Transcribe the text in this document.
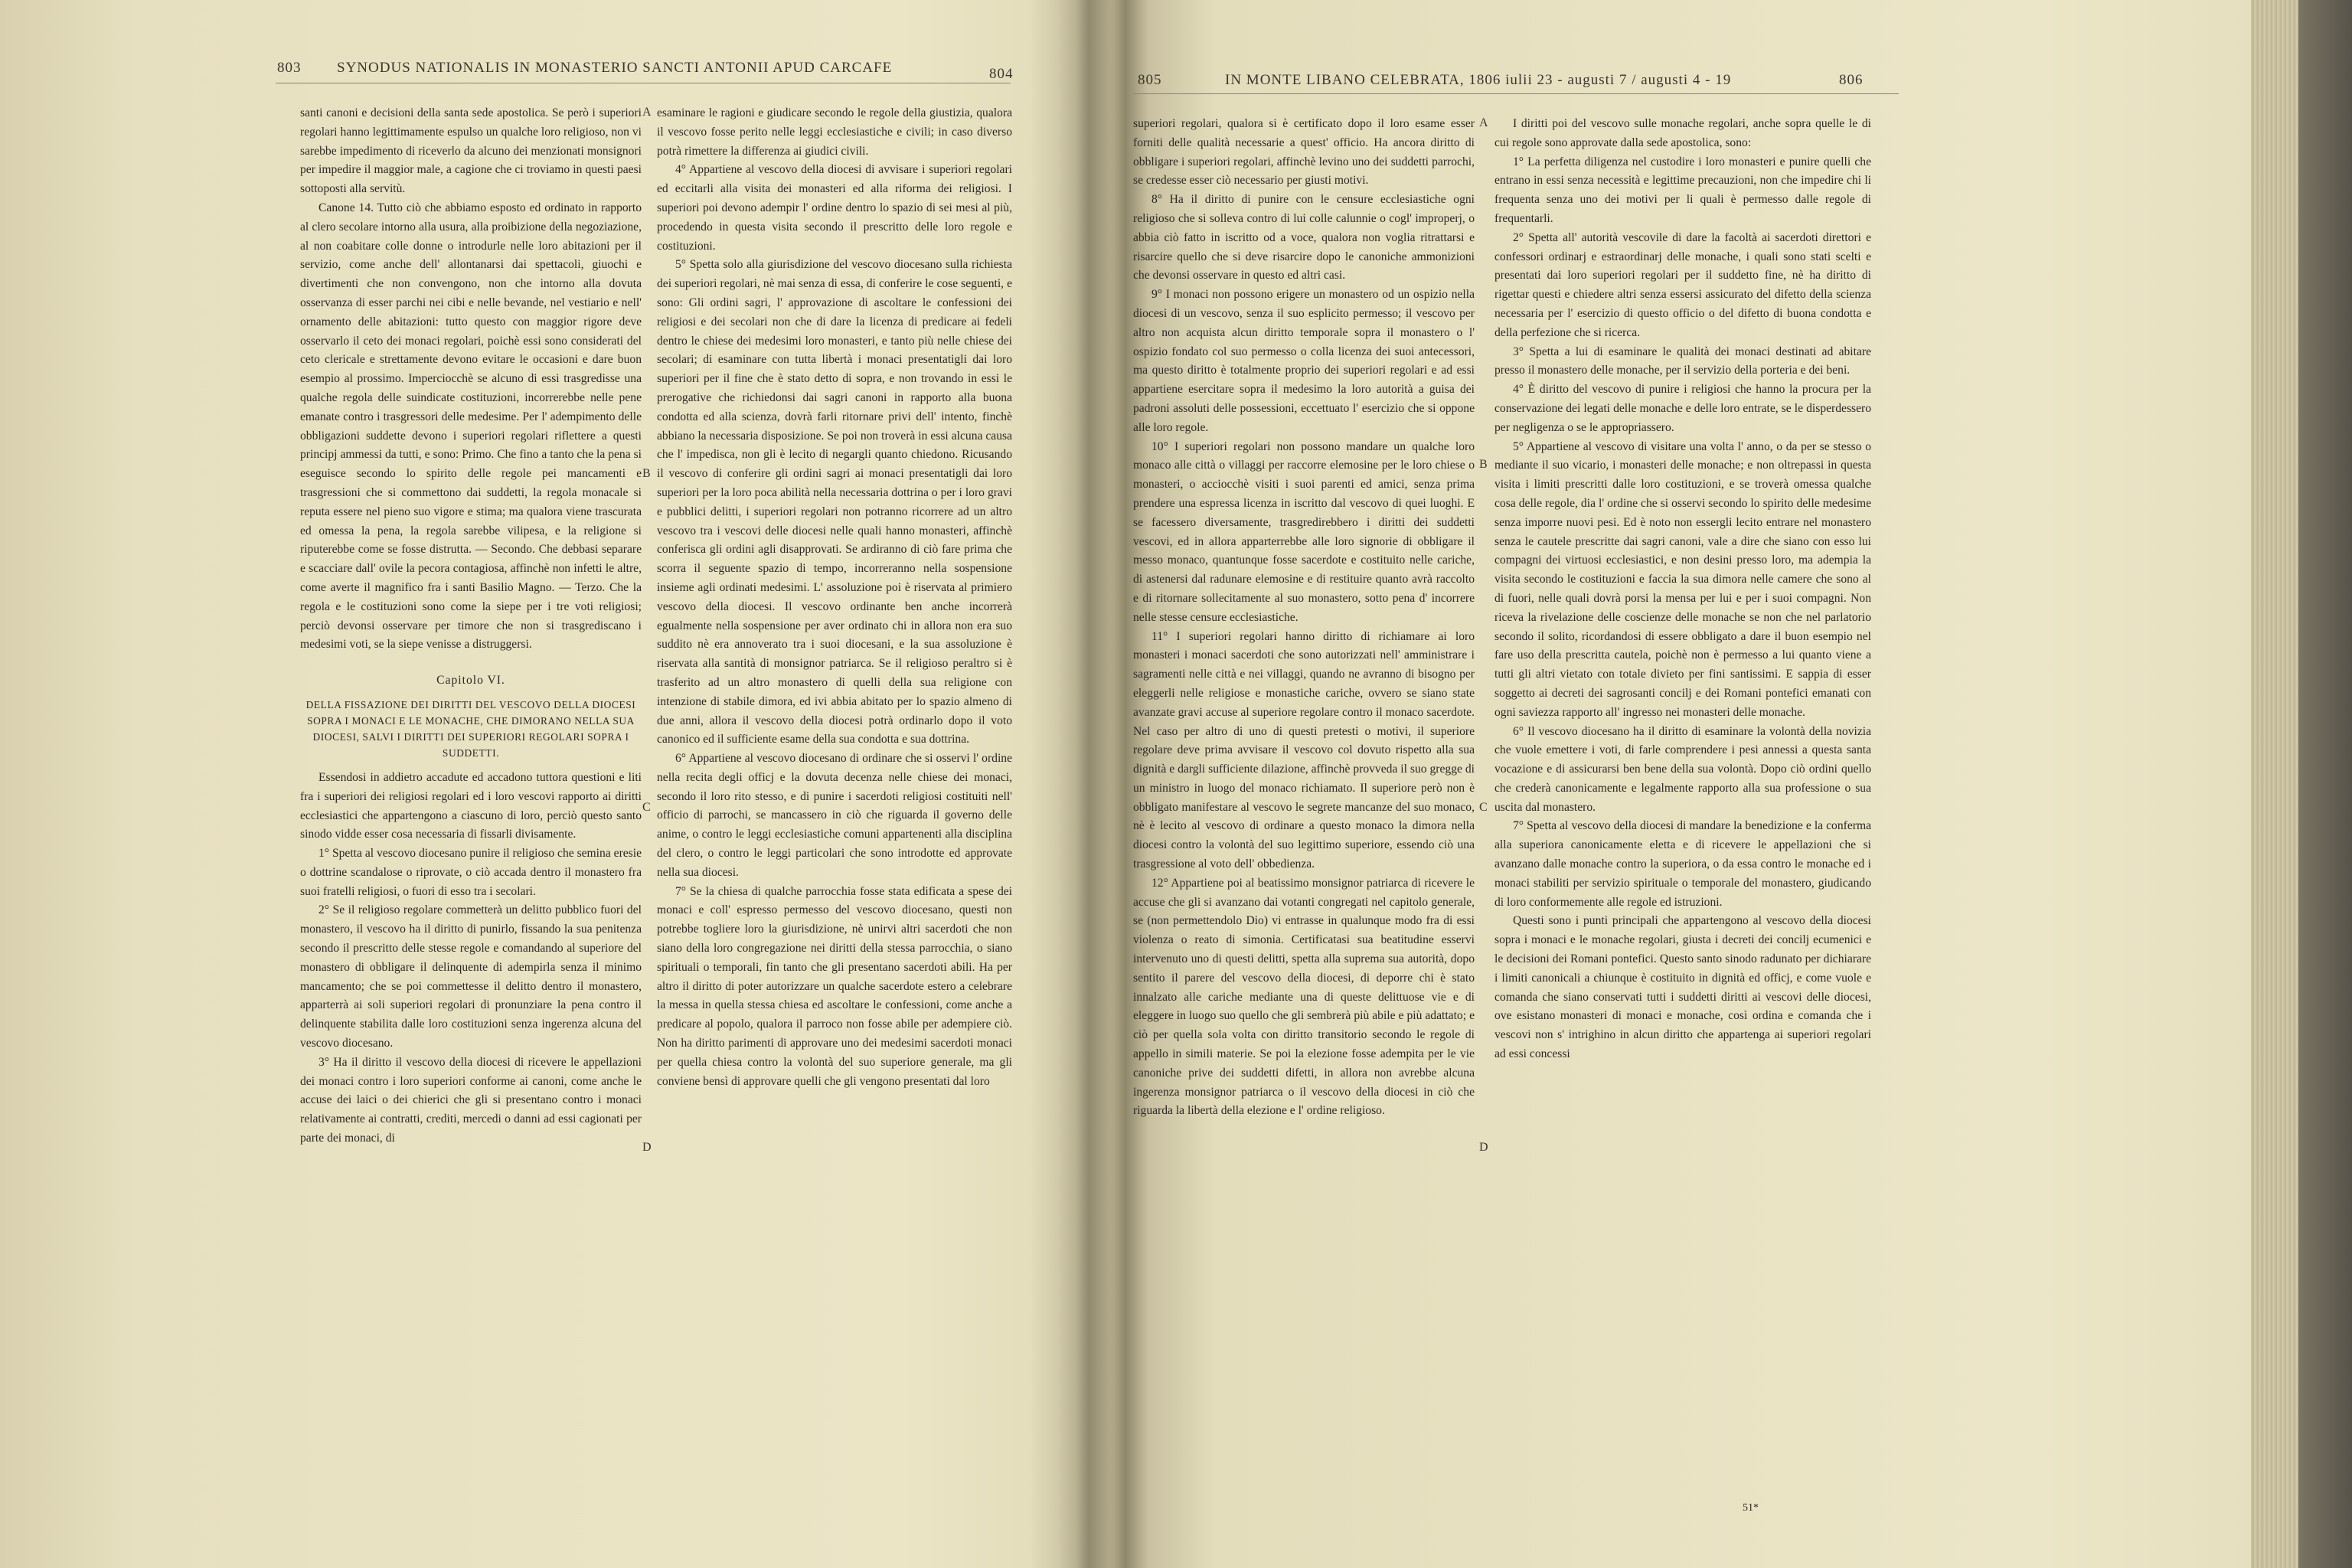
803 SYNODUS NATIONALIS IN MONASTERIO SANCTI ANTONII APUD CARCAFE	804

santi canoni e decisioni della santa sede apostolica. Se però i superiori regolari hanno legittimamente espulso un qualche loro religioso, non vi sarebbe impedimento di riceverlo da alcuno dei menzionati monsignori per impedire il maggior male, a cagione che ci troviamo in questi paesi sottoposti alla servitù.

Canone 14. Tutto ciò che abbiamo esposto ed ordinato in rapporto al clero secolare intorno alla usura, alla proibizione della negoziazione, al non coabitare colle donne o introdurle nelle loro abitazioni per il servizio, come anche dell' allontanarsi dai spettacoli, giuochi e divertimenti che non convengono, non che intorno alla dovuta osservanza di esser parchi nei cibi e nelle bevande, nel vestiario e nell' ornamento delle abitazioni: tutto questo con maggior rigore deve osservarlo il ceto dei monaci regolari, poichè essi sono considerati del ceto clericale e strettamente devono evitare le occasioni e dare buon esempio al prossimo. Imperciocchè se alcuno di essi trasgredisse una qualche regola delle suindicate costituzioni, incorrerebbe nelle pene emanate contro i trasgressori delle medesime. Per l' adempimento delle obbligazioni suddette devono i superiori regolari riflettere a questi principj ammessi da tutti, e sono: Primo. Che fino a tanto che la pena si eseguisce secondo lo spirito delle regole pei mancamenti e trasgressioni che si commettono dai suddetti, la regola monacale si reputa essere nel pieno suo vigore e stima; ma qualora viene trascurata ed omessa la pena, la regola sarebbe vilipesa, e la religione si riputerebbe come se fosse distrutta. — Secondo. Che debbasi separare e scacciare dall' ovile la pecora contagiosa, affinchè non infetti le altre, come averte il magnifico fra i santi Basilio Magno. — Terzo. Che la regola e le costituzioni sono come la siepe per i tre voti religiosi; perciò devonsi osservare per timore che non si trasgrediscano i medesimi voti, se la siepe venisse a distruggersi.

Capitolo VI.

DELLA FISSAZIONE DEI DIRITTI DEL VESCOVO DELLA DIOCESI SOPRA I MONACI E LE MONACHE, CHE DIMORANO NELLA SUA DIOCESI, SALVI I DIRITTI DEI SUPERIORI REGOLARI SOPRA I SUDDETTI.

Essendosi in addietro accadute ed accadono tuttora questioni e liti fra i superiori dei religiosi regolari ed i loro vescovi rapporto ai diritti ecclesiastici che appartengono a ciascuno di loro, perciò questo santo sinodo vidde esser cosa necessaria di fissarli divisamente.

1° Spetta al vescovo diocesano punire il religioso che semina eresie o dottrine scandalose o riprovate, o ciò accada dentro il monastero fra suoi fratelli religiosi, o fuori di esso tra i secolari.

2° Se il religioso regolare commetterà un delitto pubblico fuori del monastero, il vescovo ha il diritto di punirlo, fissando la sua penitenza secondo il prescritto delle stesse regole e comandando al superiore del monastero di obbligare il delinquente di adempirla senza il minimo mancamento; che se poi commettesse il delitto dentro il monastero, apparterrà ai soli superiori regolari di pronunziare la pena contro il delinquente stabilita dalle loro costituzioni senza ingerenza alcuna del vescovo diocesano.

3° Ha il diritto il vescovo della diocesi di ricevere le appellazioni dei monaci contro i loro superiori conforme ai canoni, come anche le accuse dei laici o dei chierici che gli si presentano contro i monaci relativamente ai contratti, crediti, mercedi o danni ad essi cagionati per parte dei monaci, di

A
B
C
D

esaminare le ragioni e giudicare secondo le regole della giustizia, qualora il vescovo fosse perito nelle leggi ecclesiastiche e civili; in caso diverso potrà rimettere la differenza ai giudici civili.

4° Appartiene al vescovo della diocesi di avvisare i superiori regolari ed eccitarli alla visita dei monasteri ed alla riforma dei religiosi. I superiori poi devono adempir l' ordine dentro lo spazio di sei mesi al più, procedendo in questa visita secondo il prescritto delle loro regole e costituzioni.

5° Spetta solo alla giurisdizione del vescovo diocesano sulla richiesta dei superiori regolari, nè mai senza di essa, di conferire le cose seguenti, e sono: Gli ordini sagri, l' approvazione di ascoltare le confessioni dei religiosi e dei secolari non che di dare la licenza di predicare ai fedeli dentro le chiese dei medesimi loro monasteri, e tanto più nelle chiese dei secolari; di esaminare con tutta libertà i monaci presentatigli dai loro superiori per il fine che è stato detto di sopra, e non trovando in essi le prerogative che richiedonsi dai sagri canoni in rapporto alla buona condotta ed alla scienza, dovrà farli ritornare privi dell' intento, finchè abbiano la necessaria disposizione. Se poi non troverà in essi alcuna causa che l' impedisca, non gli è lecito di negargli quanto chiedono. Ricusando il vescovo di conferire gli ordini sagri ai monaci presentatigli dai loro superiori per la loro poca abilità nella necessaria dottrina o per i loro gravi e pubblici delitti, i superiori regolari non potranno ricorrere ad un altro vescovo tra i vescovi delle diocesi nelle quali hanno monasteri, affinchè conferisca gli ordini agli disapprovati. Se ardiranno di ciò fare prima che scorra il seguente spazio di tempo, incorreranno nella sospensione insieme agli ordinati medesimi. L' assoluzione poi è riservata al primiero vescovo della diocesi. Il vescovo ordinante ben anche incorrerà egualmente nella sospensione per aver ordinato chi in allora non era suo suddito nè era annoverato tra i suoi diocesani, e la sua assoluzione è riservata alla santità di monsignor patriarca. Se il religioso peraltro si è trasferito ad un altro monastero di quelli della sua religione con intenzione di stabile dimora, ed ivi abbia abitato per lo spazio almeno di due anni, allora il vescovo della diocesi potrà ordinarlo dopo il voto canonico ed il sufficiente esame della sua condotta e sua dottrina.

6° Appartiene al vescovo diocesano di ordinare che si osservi l' ordine nella recita degli officj e la dovuta decenza nelle chiese dei monaci, secondo il loro rito stesso, e di punire i sacerdoti religiosi costituiti nell' officio di parrochi, se mancassero in ciò che riguarda il governo delle anime, o contro le leggi ecclesiastiche comuni appartenenti alla disciplina del clero, o contro le leggi particolari che sono introdotte ed approvate nella sua diocesi.

7° Se la chiesa di qualche parrocchia fosse stata edificata a spese dei monaci e coll' espresso permesso del vescovo diocesano, questi non potrebbe togliere loro la giurisdizione, nè unirvi altri sacerdoti che non siano della loro congregazione nei diritti della stessa parrocchia, o siano spirituali o temporali, fin tanto che gli presentano sacerdoti abili. Ha per altro il diritto di poter autorizzare un qualche sacerdote estero a celebrare la messa in quella stessa chiesa ed ascoltare le confessioni, come anche a predicare al popolo, qualora il parroco non fosse abile per adempiere ciò. Non ha diritto parimenti di approvare uno dei medesimi sacerdoti monaci per quella chiesa contro la volontà del suo superiore generale, ma gli conviene bensì di approvare quelli che gli vengono presentati dal loro

805	IN MONTE LIBANO CELEBRATA, 1806 iulii 23 - augusti 7 / augusti 4 - 19	806

superiori regolari, qualora si è certificato dopo il loro esame esser forniti delle qualità necessarie a quest' officio. Ha ancora diritto di obbligare i superiori regolari, affinchè levino uno dei suddetti parrochi, se credesse esser ciò necessario per giusti motivi.

8° Ha il diritto di punire con le censure ecclesiastiche ogni religioso che si solleva contro di lui colle calunnie o cogl' improperj, o abbia ciò fatto in iscritto od a voce, qualora non voglia ritrattarsi e risarcire quello che si deve risarcire dopo le canoniche ammonizioni che devonsi osservare in questo ed altri casi.

9° I monaci non possono erigere un monastero od un ospizio nella diocesi di un vescovo, senza il suo esplicito permesso; il vescovo per altro non acquista alcun diritto temporale sopra il monastero o l' ospizio fondato col suo permesso o colla licenza dei suoi antecessori, ma questo diritto è totalmente proprio dei superiori regolari e ad essi appartiene esercitare sopra il medesimo la loro autorità a guisa dei padroni assoluti delle possessioni, eccettuato l' esercizio che si oppone alle loro regole.

10° I superiori regolari non possono mandare un qualche loro monaco alle città o villaggi per raccorre elemosine per le loro chiese o monasteri, o acciocchè visiti i suoi parenti ed amici, senza prima prendere una espressa licenza in iscritto dal vescovo di quei luoghi. E se facessero diversamente, trasgredirebbero i diritti dei suddetti vescovi, ed in allora apparterrebbe alle loro signorie di obbligare il messo monaco, quantunque fosse sacerdote e costituito nelle cariche, di astenersi dal radunare elemosine e di restituire quanto avrà raccolto e di ritornare sollecitamente al suo monastero, sotto pena d' incorrere nelle stesse censure ecclesiastiche.

11° I superiori regolari hanno diritto di richiamare ai loro monasteri i monaci sacerdoti che sono autorizzati nell' amministrare i sagramenti nelle città e nei villaggi, quando ne avranno di bisogno per eleggerli nelle religiose e monastiche cariche, ovvero se siano state avanzate gravi accuse al superiore regolare contro il monaco sacerdote. Nel caso per altro di uno di questi pretesti o motivi, il superiore regolare deve prima avvisare il vescovo col dovuto rispetto alla sua dignità e dargli sufficiente dilazione, affinchè provveda il suo gregge di un ministro in luogo del monaco richiamato. Il superiore però non è obbligato manifestare al vescovo le segrete mancanze del suo monaco, nè è lecito al vescovo di ordinare a questo monaco la dimora nella diocesi contro la volontà del suo legittimo superiore, essendo ciò una trasgressione al voto dell' obbedienza.

12° Appartiene poi al beatissimo monsignor patriarca di ricevere le accuse che gli si avanzano dai votanti congregati nel capitolo generale, se (non permettendolo Dio) vi entrasse in qualunque modo fra di essi violenza o reato di simonia. Certificatasi sua beatitudine esservi intervenuto uno di questi delitti, spetta alla suprema sua autorità, dopo sentito il parere del vescovo della diocesi, di deporre chi è stato innalzato alle cariche mediante una di queste delittuose vie e di eleggere in luogo suo quello che gli sembrerà più abile e più adattato; e ciò per quella sola volta con diritto transitorio secondo le regole di appello in simili materie. Se poi la elezione fosse adempita per le vie canoniche prive dei suddetti difetti, in allora non avrebbe alcuna ingerenza monsignor patriarca o il vescovo della diocesi in ciò che riguarda la libertà della elezione e l' ordine religioso.

A
B
C
D

I diritti poi del vescovo sulle monache regolari, anche sopra quelle le di cui regole sono approvate dalla sede apostolica, sono:

1° La perfetta diligenza nel custodire i loro monasteri e punire quelli che entrano in essi senza necessità e legittime precauzioni, non che impedire chi li frequenta senza uno dei motivi per li quali è permesso dalle regole di frequentarli.

2° Spetta all' autorità vescovile di dare la facoltà ai sacerdoti direttori e confessori ordinarj e estraordinarj delle monache, i quali sono stati scelti e presentati dai loro superiori regolari per il suddetto fine, nè ha diritto di rigettar questi e chiedere altri senza essersi assicurato del difetto della scienza necessaria per l' esercizio di questo officio o del difetto di buona condotta e della perfezione che si ricerca.

3° Spetta a lui di esaminare le qualità dei monaci destinati ad abitare presso il monastero delle monache, per il servizio della porteria e dei beni.

4° È diritto del vescovo di punire i religiosi che hanno la procura per la conservazione dei legati delle monache e delle loro entrate, se le disperdessero per negligenza o se le appropriassero.

5° Appartiene al vescovo di visitare una volta l' anno, o da per se stesso o mediante il suo vicario, i monasteri delle monache; e non oltrepassi in questa visita i limiti prescritti dalle loro costituzioni, e se troverà omessa qualche cosa delle regole, dia l' ordine che si osservi secondo lo spirito delle medesime senza imporre nuovi pesi. Ed è noto non essergli lecito entrare nel monastero senza le cautele prescritte dai sagri canoni, vale a dire che siano con esso lui compagni dei virtuosi ecclesiastici, e non desini presso loro, ma adempia la visita secondo le costituzioni e faccia la sua dimora nelle camere che sono al di fuori, nelle quali dovrà porsi la mensa per lui e per i suoi compagni. Non riceva la rivelazione delle coscienze delle monache se non che nel parlatorio secondo il solito, ricordandosi di essere obbligato a dare il buon esempio nel fare uso della prescritta cautela, poichè non è permesso a lui quanto viene a tutti gli altri vietato con totale divieto per fini santissimi. E sappia di esser soggetto ai decreti dei sagrosanti concilj e dei Romani pontefici emanati con ogni saviezza rapporto all' ingresso nei monasteri delle monache.

6° Il vescovo diocesano ha il diritto di esaminare la volontà della novizia che vuole emettere i voti, di farle comprendere i pesi annessi a questa santa vocazione e di assicurarsi ben bene della sua volontà. Dopo ciò ordini quello che crederà canonicamente e legalmente rapporto alla sua professione o sua uscita dal monastero.

7° Spetta al vescovo della diocesi di mandare la benedizione e la conferma alla superiora canonicamente eletta e di ricevere le appellazioni che si avanzano dalle monache contro la superiora, o da essa contro le monache ed i monaci stabiliti per servizio spirituale o temporale del monastero, giudicando di loro conformemente alle regole ed istruzioni.

Questi sono i punti principali che appartengono al vescovo della diocesi sopra i monaci e le monache regolari, giusta i decreti dei concilj ecumenici e le decisioni dei Romani pontefici. Questo santo sinodo radunato per dichiarare i limiti canonicali a chiunque è costituito in dignità ed officj, e come vuole e comanda che siano conservati tutti i suddetti diritti ai vescovi delle diocesi, ove esistano monasteri di monaci e monache, così ordina e comanda che i vescovi non s' intrighino in alcun diritto che appartenga ai superiori regolari ad essi concessi

51*
